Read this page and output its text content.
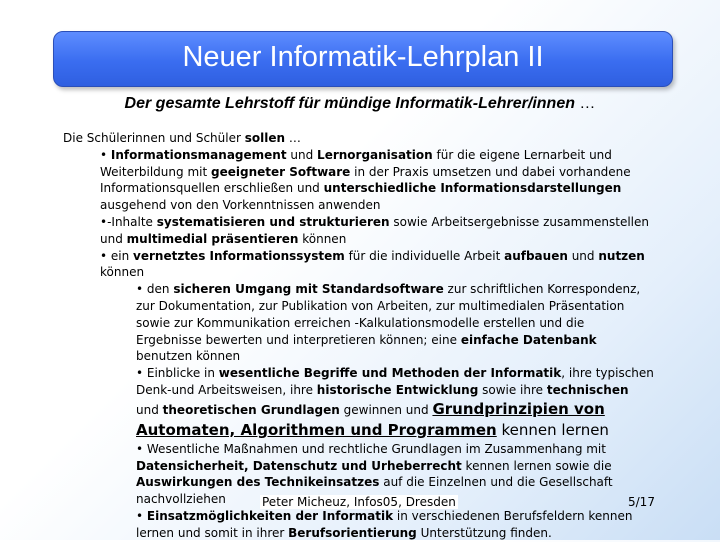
Neuer Informatik-Lehrplan II
Der gesamte Lehrstoff für mündige Informatik-Lehrer/innen …

Die Schülerinnen und Schüler sollen …

• Informationsmanagement und Lernorganisation für die eigene Lernarbeit und

Weiterbildung mit geeigneter Software in der Praxis umsetzen und dabei vorhandene

Informationsquellen erschließen und unterschiedliche Informationsdarstellungen

ausgehend von den Vorkenntnissen anwenden

•-Inhalte systematisieren und strukturieren sowie Arbeitsergebnisse zusammenstellen

und multimedial präsentieren können

• ein vernetztes Informationssystem für die individuelle Arbeit aufbauen und nutzen

können

• den sicheren Umgang mit Standardsoftware zur schriftlichen Korrespondenz,

zur Dokumentation, zur Publikation von Arbeiten, zur multimedialen Präsentation

sowie zur Kommunikation erreichen -Kalkulationsmodelle erstellen und die

Ergebnisse bewerten und interpretieren können; eine einfache Datenbank

benutzen können

• Einblicke in wesentliche Begriffe und Methoden der Informatik, ihre typischen

Denk-und Arbeitsweisen, ihre historische Entwicklung sowie ihre technischen

und theoretischen Grundlagen gewinnen und Grundprinzipien von

Automaten, Algorithmen und Programmen kennen lernen

• Wesentliche Maßnahmen und rechtliche Grundlagen im Zusammenhang mit

Datensicherheit, Datenschutz und Urheberrecht kennen lernen sowie die

Auswirkungen des Technikeinsatzes auf die Einzelnen und die Gesellschaft

nachvollziehen

• Einsatzmöglichkeiten der Informatik in verschiedenen Berufsfeldern kennen

lernen und somit in ihrer Berufsorientierung Unterstützung finden.

Peter Micheuz, Infos05, Dresden	5/17
